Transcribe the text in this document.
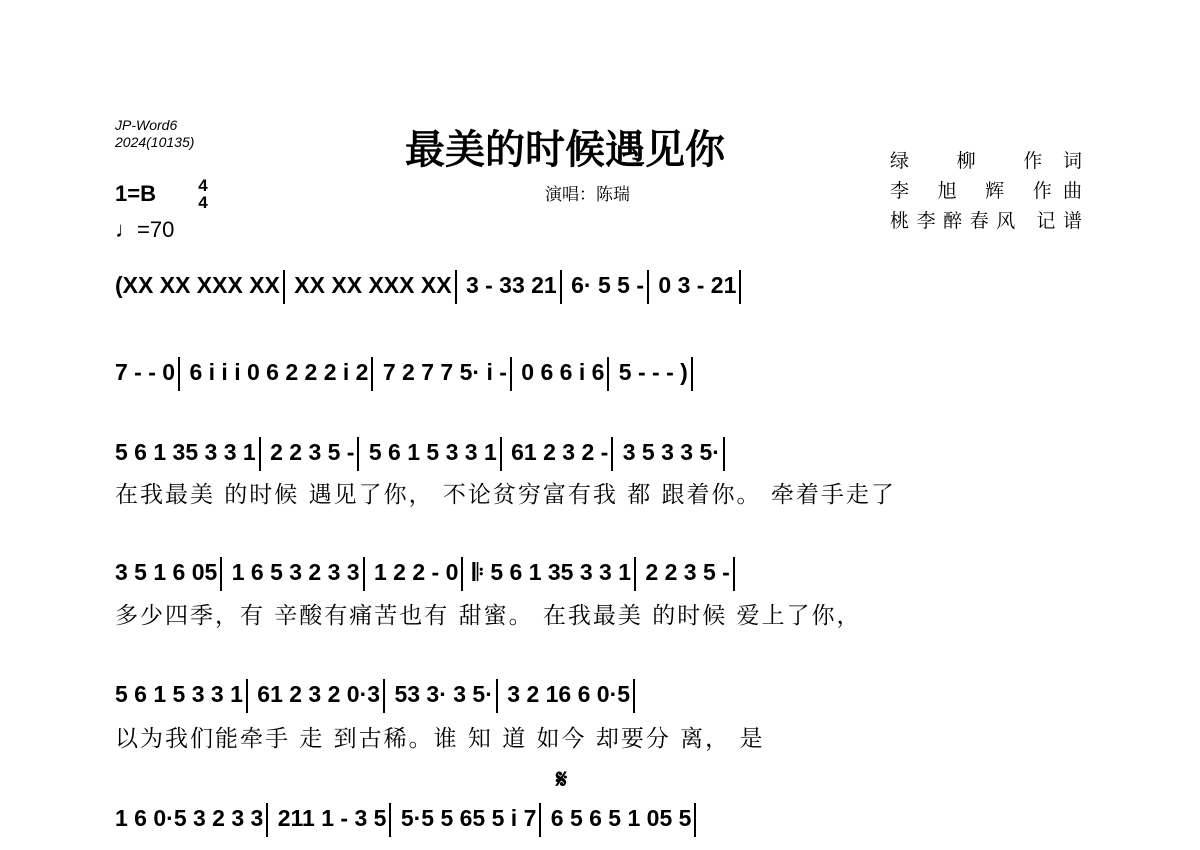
JP-Word6
2024(10135)	最美的时候遇见你
演唱：陈瑞
绿 柳 作词
李 旭 辉 作曲
桃李醉春风 记谱
1=B 4
4
♩=70
(XX XX XXX XX XX XX XXX XX 3 - 33 21 6· 5 5 - 0 3 - 21
7 - - 0 6 i i i 0 6 2 2 2 i 2 7 2 7 7 5· i - 0 6 6 i 6 5 - - - )
5 6 1 35 3 3 1 2 2 3 5 - 5 6 1 5 3 3 1 61 2 3 2 - 3 5 3 3 5·
在我最美 的时候 遇见了你， 不论贫穷富有我 都 跟着你。 牵着手走了
3 5 1 6 05 1 6 5 3 2 3 3 1 2 2 - 0 𝄆 5 6 1 35 3 3 1 2 2 3 5 -
多少四季，有 辛酸有痛苦也有 甜蜜。 在我最美 的时候 爱上了你，
5 6 1 5 3 3 1 61 2 3 2 0·3 53 3· 3 5· 3 2 16 6 0·5
以为我们能牵手 走 到古稀。谁 知 道 如今 却要分 离， 是
𝄋
1 6 0·5 3 2 3 3 211 1 - 3 5 5·5 5 65 5 i 7 6 5 6 5 1 05 5
